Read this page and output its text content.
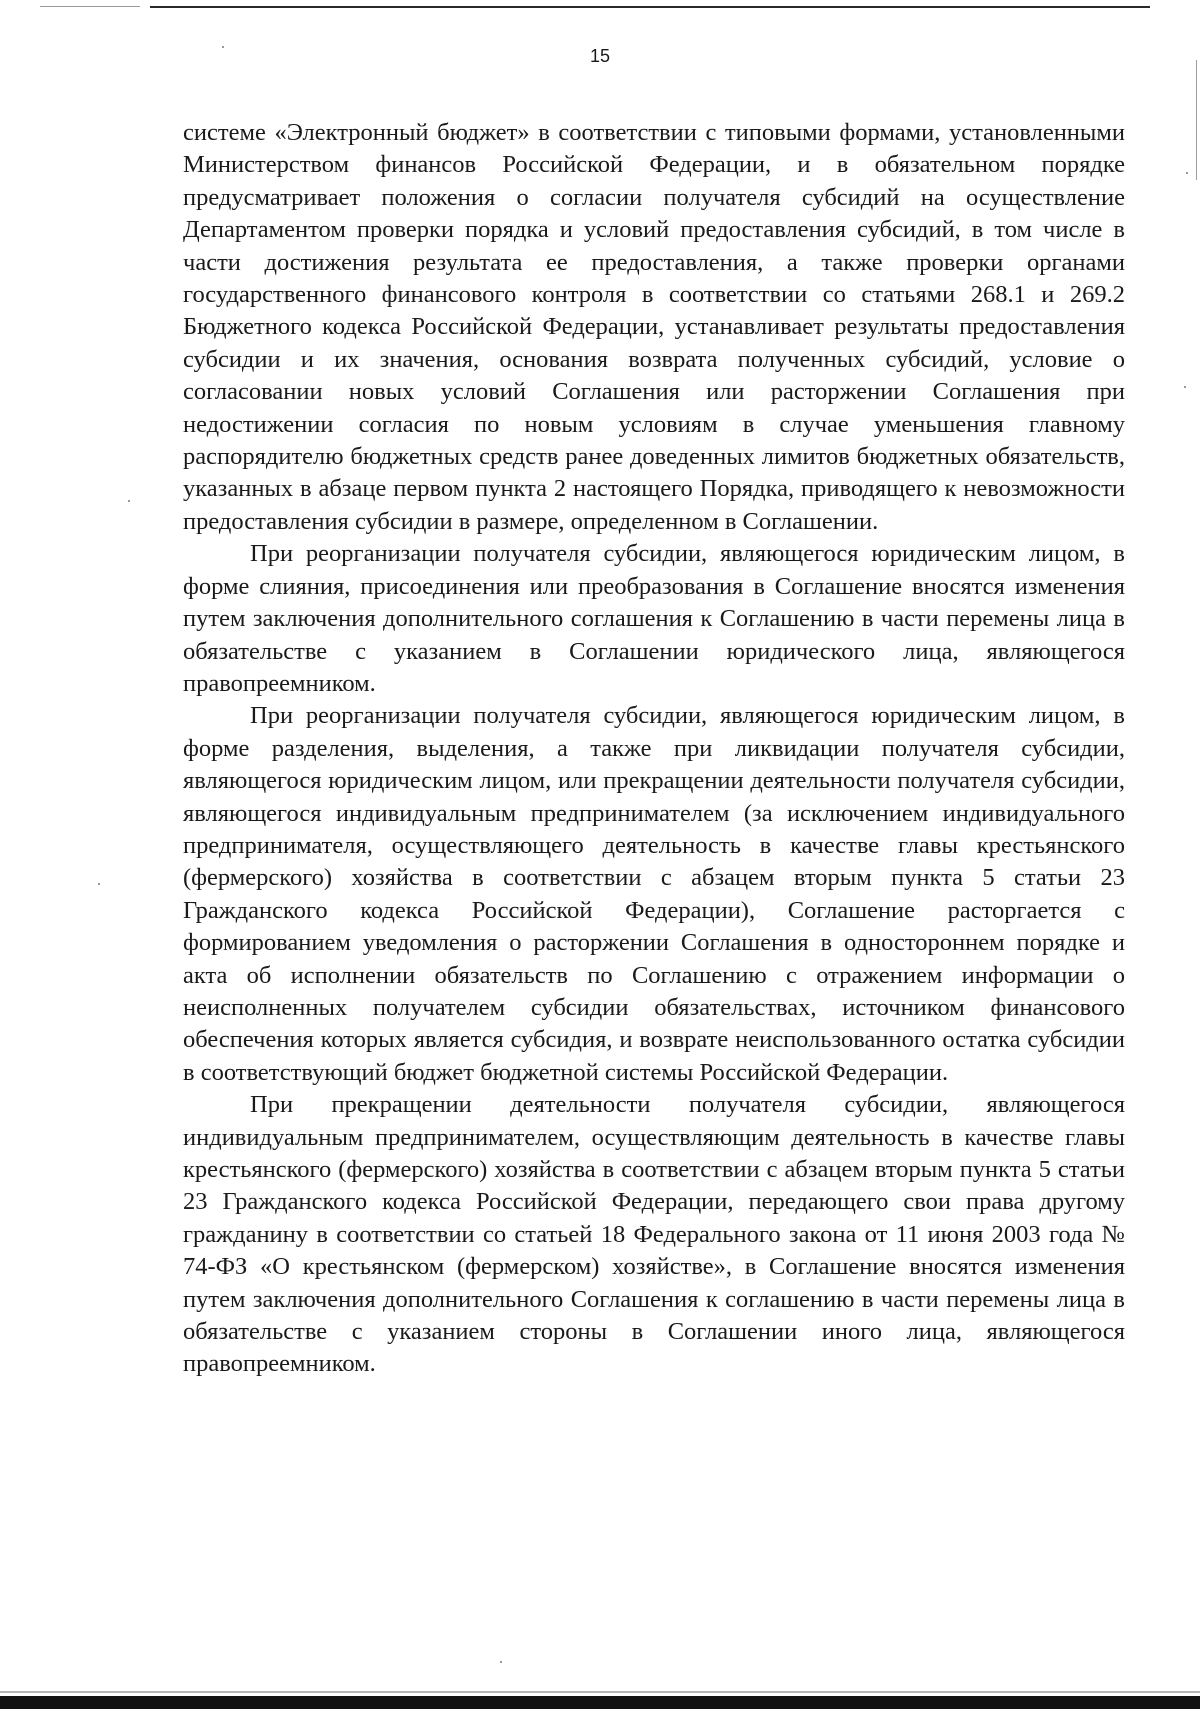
15

системе «Электронный бюджет» в соответствии с типовыми формами, установленными Министерством финансов Российской Федерации, и в обязательном порядке предусматривает положения о согласии получателя субсидий на осуществление Департаментом проверки порядка и условий предоставления субсидий, в том числе в части достижения результата ее предоставления, а также проверки органами государственного финансового контроля в соответствии со статьями 268.1 и 269.2 Бюджетного кодекса Российской Федерации, устанавливает результаты предоставления субсидии и их значения, основания возврата полученных субсидий, условие о согласовании новых условий Соглашения или расторжении Соглашения при недостижении согласия по новым условиям в случае уменьшения главному распорядителю бюджетных средств ранее доведенных лимитов бюджетных обязательств, указанных в абзаце первом пункта 2 настоящего Порядка, приводящего к невозможности предоставления субсидии в размере, определенном в Соглашении.

При реорганизации получателя субсидии, являющегося юридическим лицом, в форме слияния, присоединения или преобразования в Соглашение вносятся изменения путем заключения дополнительного соглашения к Соглашению в части перемены лица в обязательстве с указанием в Соглашении юридического лица, являющегося правопреемником.

При реорганизации получателя субсидии, являющегося юридическим лицом, в форме разделения, выделения, а также при ликвидации получателя субсидии, являющегося юридическим лицом, или прекращении деятельности получателя субсидии, являющегося индивидуальным предпринимателем (за исключением индивидуального предпринимателя, осуществляющего деятельность в качестве главы крестьянского (фермерского) хозяйства в соответствии с абзацем вторым пункта 5 статьи 23 Гражданского кодекса Российской Федерации), Соглашение расторгается с формированием уведомления о расторжении Соглашения в одностороннем порядке и акта об исполнении обязательств по Соглашению с отражением информации о неисполненных получателем субсидии обязательствах, источником финансового обеспечения которых является субсидия, и возврате неиспользованного остатка субсидии в соответствующий бюджет бюджетной системы Российской Федерации.

При прекращении деятельности получателя субсидии, являющегося индивидуальным предпринимателем, осуществляющим деятельность в качестве главы крестьянского (фермерского) хозяйства в соответствии с абзацем вторым пункта 5 статьи 23 Гражданского кодекса Российской Федерации, передающего свои права другому гражданину в соответствии со статьей 18 Федерального закона от 11 июня 2003 года № 74-ФЗ «О крестьянском (фермерском) хозяйстве», в Соглашение вносятся изменения путем заключения дополнительного Соглашения к соглашению в части перемены лица в обязательстве с указанием стороны в Соглашении иного лица, являющегося правопреемником.
